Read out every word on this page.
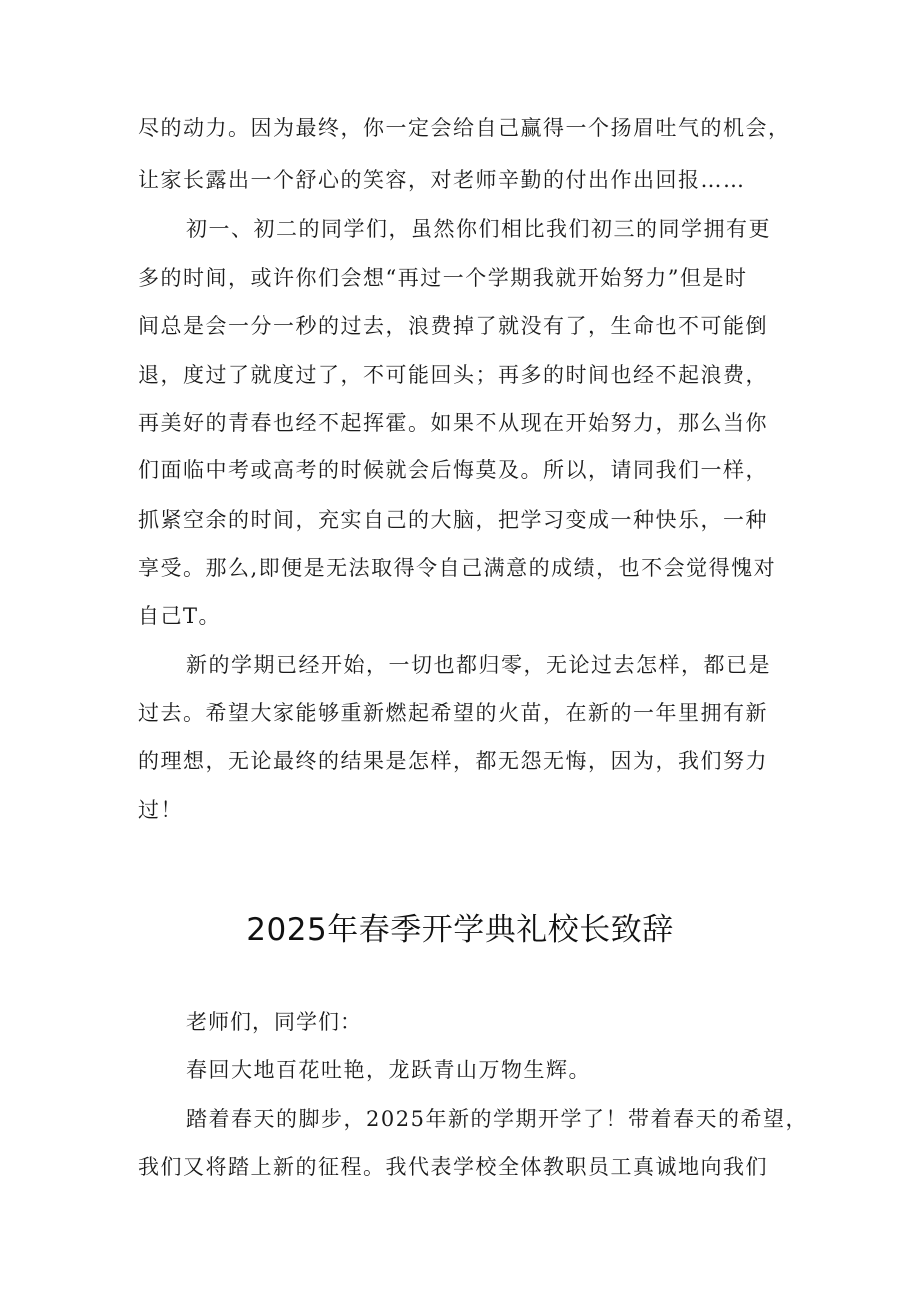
尽的动力。因为最终，你一定会给自己赢得一个扬眉吐气的机会，
让家长露出一个舒心的笑容，对老师辛勤的付出作出回报……
初一、初二的同学们，虽然你们相比我们初三的同学拥有更
多的时间，或许你们会想“再过一个学期我就开始努力”但是时
间总是会一分一秒的过去，浪费掉了就没有了，生命也不可能倒
退，度过了就度过了，不可能回头；再多的时间也经不起浪费，
再美好的青春也经不起挥霍。如果不从现在开始努力，那么当你
们面临中考或高考的时候就会后悔莫及。所以，请同我们一样，
抓紧空余的时间，充实自己的大脑，把学习变成一种快乐，一种
享受。那么,即便是无法取得令自己满意的成绩，也不会觉得愧对
自己T。
新的学期已经开始，一切也都归零，无论过去怎样，都已是
过去。希望大家能够重新燃起希望的火苗，在新的一年里拥有新
的理想，无论最终的结果是怎样，都无怨无悔，因为，我们努力
过！
2025年春季开学典礼校长致辞
老师们，同学们：
春回大地百花吐艳，龙跃青山万物生辉。
踏着春天的脚步，2025年新的学期开学了！带着春天的希望，
我们又将踏上新的征程。我代表学校全体教职员工真诚地向我们
